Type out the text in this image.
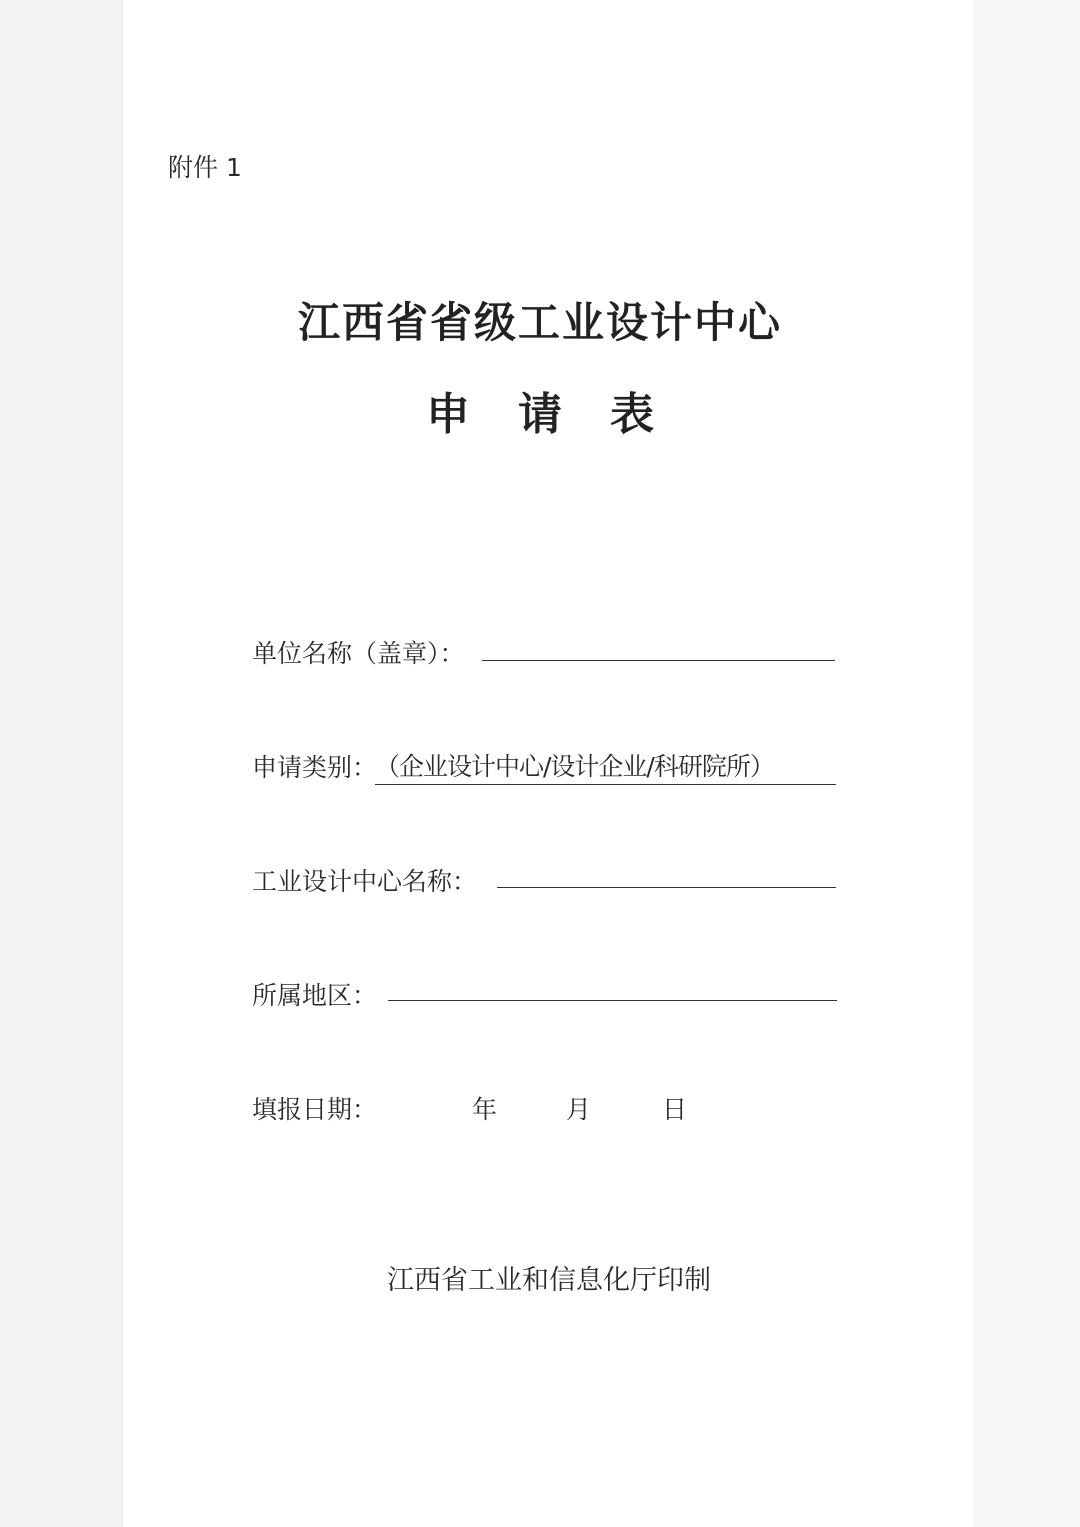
附件 1
江西省省级工业设计中心
申请表
单位名称（盖章）：
申请类别：
（企业设计中心/设计企业/科研院所）
工业设计中心名称：
所属地区：
填报日期：	年	月	日
江西省工业和信息化厅印制
